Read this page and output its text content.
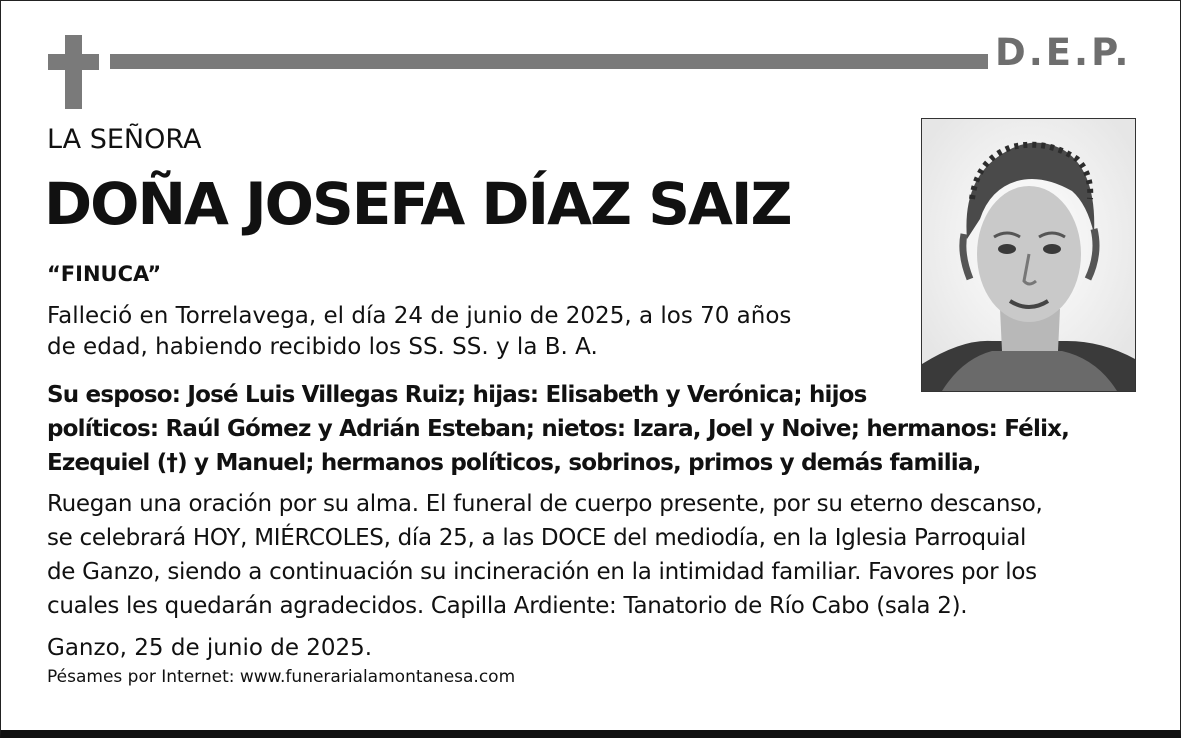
D.E.P.
LA SEÑORA
DOÑA JOSEFA DÍAZ SAIZ
“FINUCA”
Falleció en Torrelavega, el día 24 de junio de 2025, a los 70 años
de edad, habiendo recibido los SS. SS. y la B. A.
Su esposo: José Luis Villegas Ruiz; hijas: Elisabeth y Verónica; hijos
políticos: Raúl Gómez y Adrián Esteban; nietos: Izara, Joel y Noive; hermanos: Félix,
Ezequiel (†) y Manuel; hermanos políticos, sobrinos, primos y demás familia,
Ruegan una oración por su alma. El funeral de cuerpo presente, por su eterno descanso,
se celebrará HOY, MIÉRCOLES, día 25, a las DOCE del mediodía, en la Iglesia Parroquial
de Ganzo, siendo a continuación su incineración en la intimidad familiar. Favores por los
cuales les quedarán agradecidos. Capilla Ardiente: Tanatorio de Río Cabo (sala 2).
Ganzo, 25 de junio de 2025.
Pésames por Internet: www.funerarialamontanesa.com
